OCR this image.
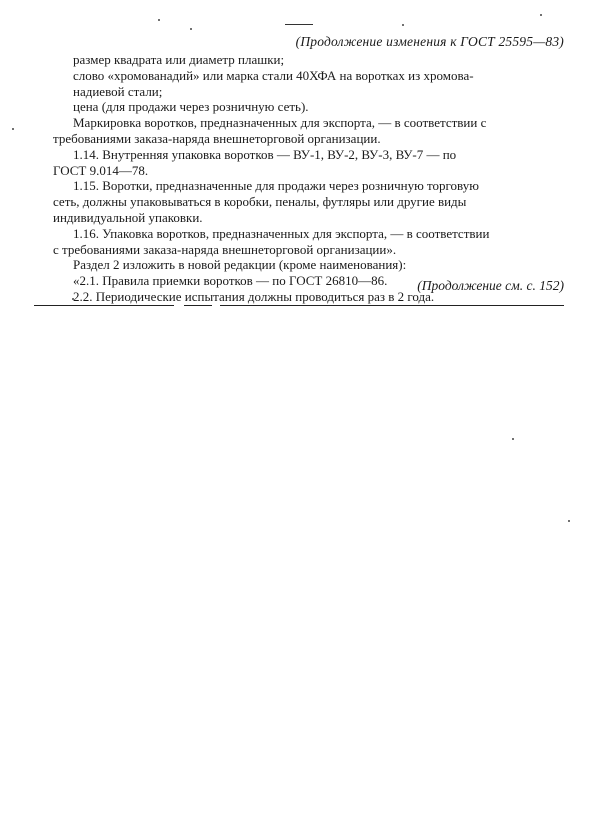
(Продолжение изменения к ГОСТ 25595—83)
размер квадрата или диаметр плашки;
слово «хромованадий» или марка стали 40ХФА на воротках из хромова-
надиевой стали;
цена (для продажи через розничную сеть).
Маркировка воротков, предназначенных для экспорта, — в соответствии с
требованиями заказа-наряда внешнеторговой организации.
1.14. Внутренняя упаковка воротков — ВУ-1, ВУ-2, ВУ-3, ВУ-7 — по
ГОСТ 9.014—78.
1.15. Воротки, предназначенные для продажи через розничную торговую
сеть, должны упаковываться в коробки, пеналы, футляры или другие виды
индивидуальной упаковки.
1.16. Упаковка воротков, предназначенных для экспорта, — в соответствии
с требованиями заказа-наряда внешнеторговой организации».
Раздел 2 изложить в новой редакции (кроме наименования):
«2.1. Правила приемки воротков — по ГОСТ 26810—86.
2.2. Периодические испытания должны проводиться раз в 2 года.
(Продолжение см. с. 152)
